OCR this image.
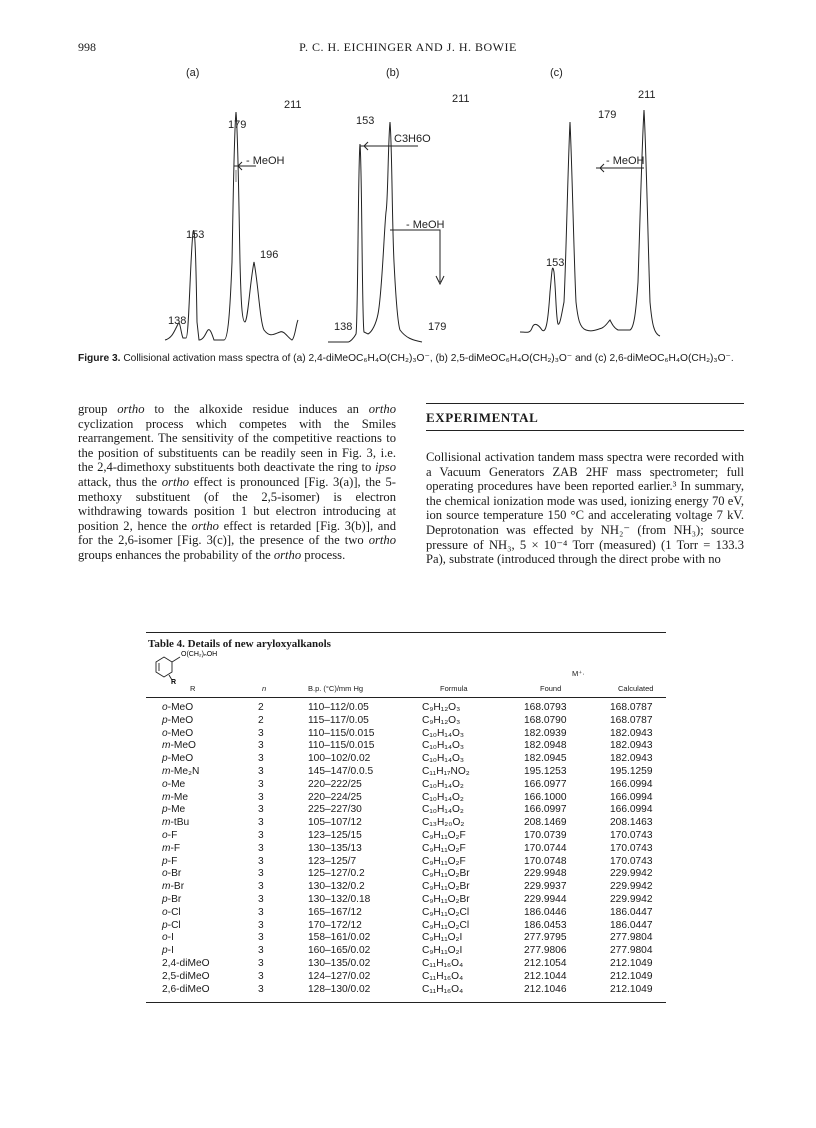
998	P. C. H. EICHINGER AND J. H. BOWIE
(a)	(b)	(c)
211
179
153
196
138
- MeOH
211
153
138	179
C3H6O
- MeOH
211
179
153
- MeOH
Figure 3. Collisional activation mass spectra of (a) 2,4-diMeOC₆H₄O(CH₂)₃O⁻, (b) 2,5-diMeOC₆H₄O(CH₂)₃O⁻ and (c) 2,6-diMeOC₆H₄O(CH₂)₃O⁻.
group ortho to the alkoxide residue induces an ortho cyclization process which competes with the Smiles rearrangement. The sensitivity of the competitive reactions to the position of substituents can be readily seen in Fig. 3, i.e. the 2,4-dimethoxy substituents both deactivate the ring to ipso attack, thus the ortho effect is pronounced [Fig. 3(a)], the 5-methoxy substituent (of the 2,5-isomer) is electron withdrawing towards position 1 but electron introducing at position 2, hence the ortho effect is retarded [Fig. 3(b)], and for the 2,6-isomer [Fig. 3(c)], the presence of the two ortho groups enhances the probability of the ortho process.
EXPERIMENTAL
Collisional activation tandem mass spectra were recorded with a Vacuum Generators ZAB 2HF mass spectrometer; full operating procedures have been reported earlier.³ In summary, the chemical ionization mode was used, ionizing energy 70 eV, ion source temperature 150 °C and accelerating voltage 7 kV. Deprotonation was effected by NH₂⁻ (from NH₃); source pressure of NH₃, 5 × 10⁻⁴ Torr (measured) (1 Torr = 133.3 Pa), substrate (introduced through the direct probe with no
Table 4. Details of new aryloxyalkanols
O(CH₂)ₙOH
R
M⁺·
R	n	B.p. (°C)/mm Hg	Formula	Found	Calculated
o-MeO	2	110–112/0.05	C₉H₁₂O₃	168.0793	168.0787
p-MeO	2	115–117/0.05	C₉H₁₂O₃	168.0790	168.0787
o-MeO	3	110–115/0.015	C₁₀H₁₄O₃	182.0939	182.0943
m-MeO	3	110–115/0.015	C₁₀H₁₄O₃	182.0948	182.0943
p-MeO	3	100–102/0.02	C₁₀H₁₄O₃	182.0945	182.0943
m-Me₂N	3	145–147/0.0.5	C₁₁H₁₇NO₂	195.1253	195.1259
o-Me	3	220–222/25	C₁₀H₁₄O₂	166.0977	166.0994
m-Me	3	220–224/25	C₁₀H₁₄O₂	166.1000	166.0994
p-Me	3	225–227/30	C₁₀H₁₄O₂	166.0997	166.0994
m-tBu	3	105–107/12	C₁₃H₂₀O₂	208.1469	208.1463
o-F	3	123–125/15	C₉H₁₁O₂F	170.0739	170.0743
m-F	3	130–135/13	C₉H₁₁O₂F	170.0744	170.0743
p-F	3	123–125/7	C₉H₁₁O₂F	170.0748	170.0743
o-Br	3	125–127/0.2	C₉H₁₁O₂Br	229.9948	229.9942
m-Br	3	130–132/0.2	C₉H₁₁O₂Br	229.9937	229.9942
p-Br	3	130–132/0.18	C₉H₁₁O₂Br	229.9944	229.9942
o-Cl	3	165–167/12	C₉H₁₁O₂Cl	186.0446	186.0447
p-Cl	3	170–172/12	C₉H₁₁O₂Cl	186.0453	186.0447
o-I	3	158–161/0.02	C₉H₁₁O₂I	277.9795	277.9804
p-I	3	160–165/0.02	C₉H₁₁O₂I	277.9806	277.9804
2,4-diMeO	3	130–135/0.02	C₁₁H₁₆O₄	212.1054	212.1049
2,5-diMeO	3	124–127/0.02	C₁₁H₁₆O₄	212.1044	212.1049
2,6-diMeO	3	128–130/0.02	C₁₁H₁₆O₄	212.1046	212.1049
